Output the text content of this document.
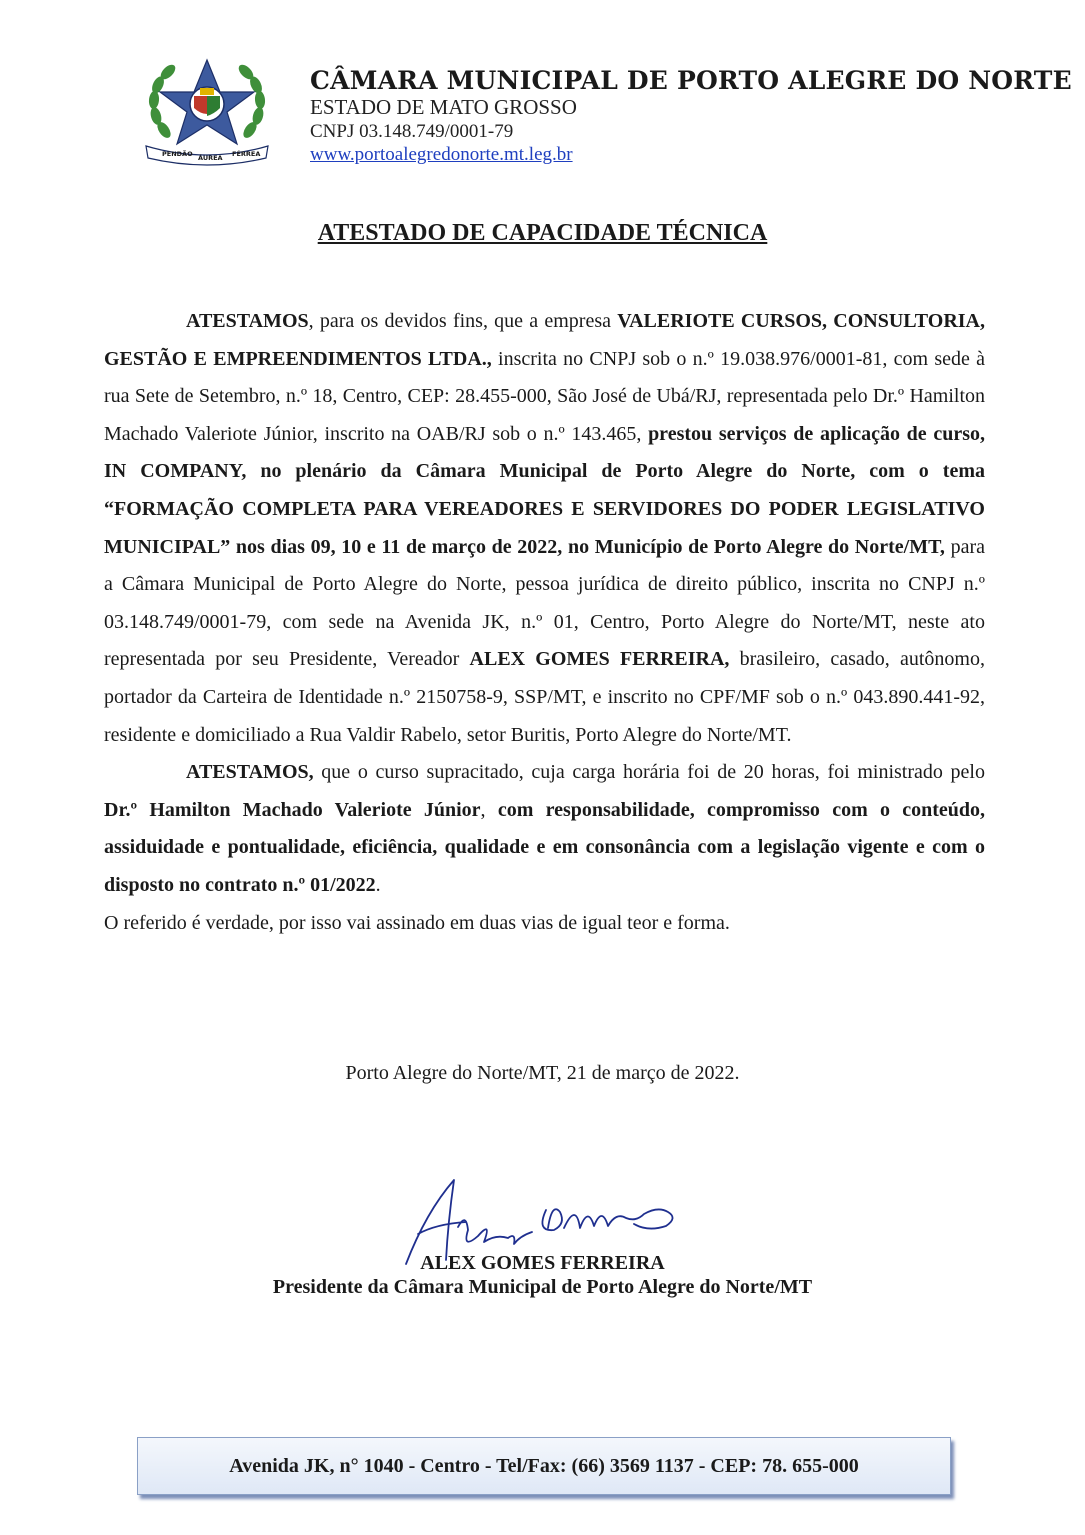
PENDÃO ÁUREA FÉRREA
CÂMARA MUNICIPAL DE PORTO ALEGRE DO NORTE
ESTADO DE MATO GROSSO
CNPJ 03.148.749/0001-79
www.portoalegredonorte.mt.leg.br
ATESTADO DE CAPACIDADE TÉCNICA

ATESTAMOS, para os devidos fins, que a empresa VALERIOTE CURSOS, CONSULTORIA, GESTÃO E EMPREENDIMENTOS LTDA., inscrita no CNPJ sob o n.º 19.038.976/0001-81, com sede à rua Sete de Setembro, n.º 18, Centro, CEP: 28.455-000, São José de Ubá/RJ, representada pelo Dr.º Hamilton Machado Valeriote Júnior, inscrito na OAB/RJ sob o n.º 143.465, prestou serviços de aplicação de curso, IN COMPANY, no plenário da Câmara Municipal de Porto Alegre do Norte, com o tema “FORMAÇÃO COMPLETA PARA VEREADORES E SERVIDORES DO PODER LEGISLATIVO MUNICIPAL” nos dias 09, 10 e 11 de março de 2022, no Município de Porto Alegre do Norte/MT, para a Câmara Municipal de Porto Alegre do Norte, pessoa jurídica de direito público, inscrita no CNPJ n.º 03.148.749/0001-79, com sede na Avenida JK, n.º 01, Centro, Porto Alegre do Norte/MT, neste ato representada por seu Presidente, Vereador ALEX GOMES FERREIRA, brasileiro, casado, autônomo, portador da Carteira de Identidade n.º 2150758-9, SSP/MT, e inscrito no CPF/MF sob o n.º 043.890.441-92, residente e domiciliado a Rua Valdir Rabelo, setor Buritis, Porto Alegre do Norte/MT.

ATESTAMOS, que o curso supracitado, cuja carga horária foi de 20 horas, foi ministrado pelo Dr.º Hamilton Machado Valeriote Júnior, com responsabilidade, compromisso com o conteúdo, assiduidade e pontualidade, eficiência, qualidade e em consonância com a legislação vigente e com o disposto no contrato n.º 01/2022.

O referido é verdade, por isso vai assinado em duas vias de igual teor e forma.

Porto Alegre do Norte/MT, 21 de março de 2022.
ALEX GOMES FERREIRA
Presidente da Câmara Municipal de Porto Alegre do Norte/MT
Avenida JK, n° 1040 - Centro - Tel/Fax: (66) 3569 1137 - CEP: 78. 655-000
